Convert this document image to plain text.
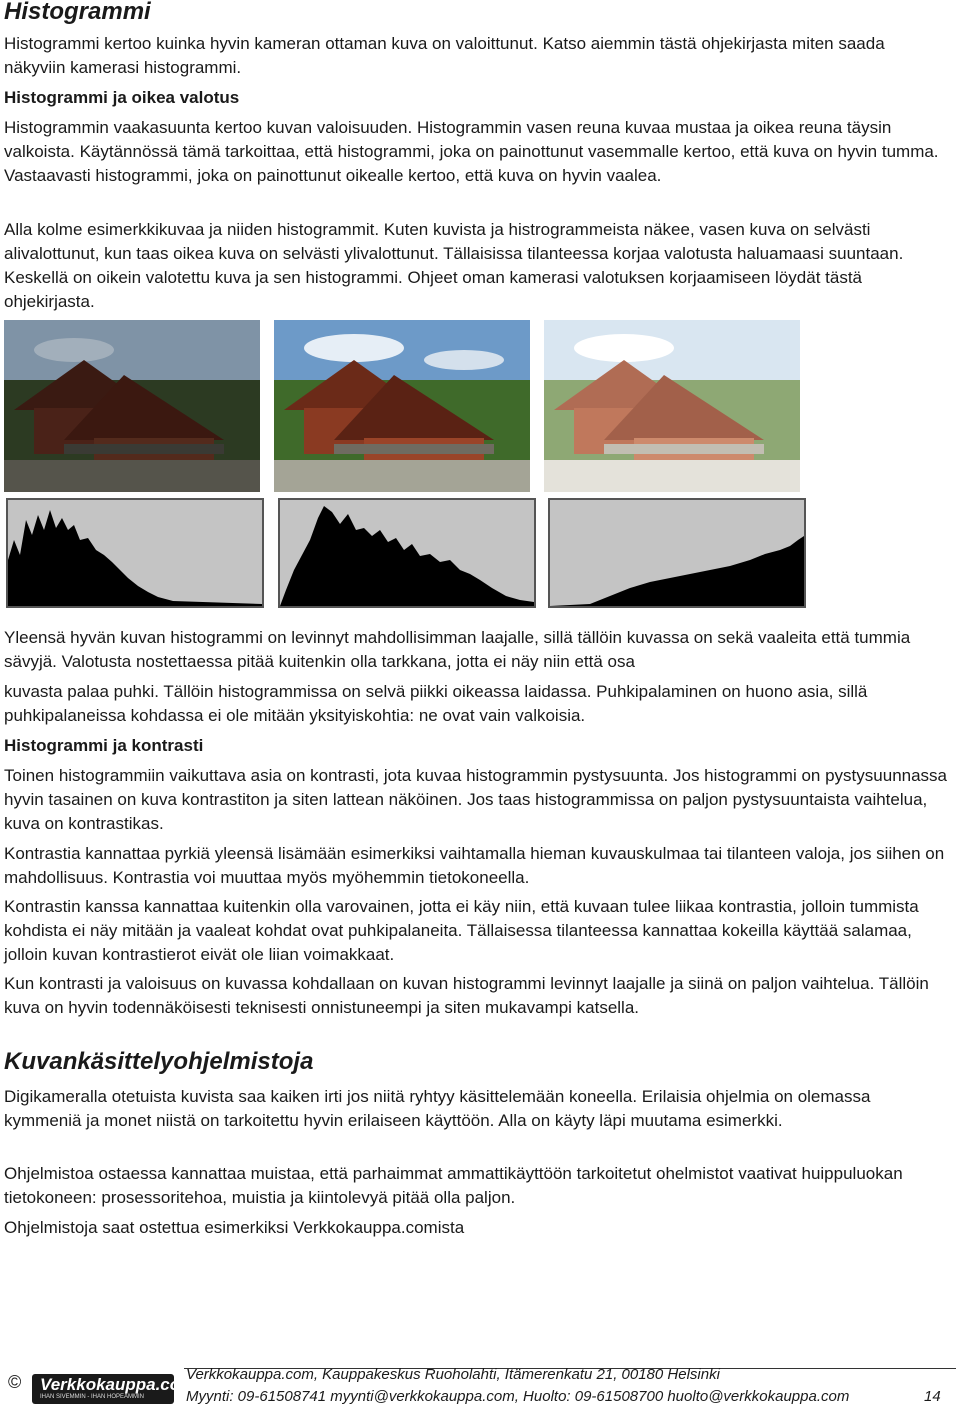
Histogrammi

Histogrammi kertoo kuinka hyvin kameran ottaman kuva on valoittunut. Katso aiemmin tästä ohjekirjasta miten saada näkyviin kamerasi histogrammi.

Histogrammi ja oikea valotus

Histogrammin vaakasuunta kertoo kuvan valoisuuden. Histogrammin vasen reuna kuvaa mustaa ja oikea reuna täysin valkoista. Käytännössä tämä tarkoittaa, että histogrammi, joka on painottunut vasemmalle kertoo, että kuva on hyvin tumma. Vastaavasti histogrammi, joka on painottunut oikealle kertoo, että kuva on hyvin vaalea.

Alla kolme esimerkkikuvaa ja niiden histogrammit. Kuten kuvista ja histrogrammeista näkee, vasen kuva on selvästi alivalottunut, kun taas oikea kuva on selvästi ylivalottunut. Tällaisissa tilanteessa korjaa valotusta haluamaasi suuntaan. Keskellä on oikein valotettu kuva ja sen histogrammi. Ohjeet oman kamerasi valotuksen korjaamiseen löydät tästä ohjekirjasta.

Yleensä hyvän kuvan histogrammi on levinnyt mahdollisimman laajalle, sillä tällöin kuvassa on sekä vaaleita että tummia sävyjä. Valotusta nostettaessa pitää kuitenkin olla tarkkana, jotta ei näy niin että osa

kuvasta palaa puhki. Tällöin histogrammissa on selvä piikki oikeassa laidassa. Puhkipalaminen on huono asia, sillä puhkipalaneissa kohdassa ei ole mitään yksityiskohtia: ne ovat vain valkoisia.

Histogrammi ja kontrasti

Toinen histogrammiin vaikuttava asia on kontrasti, jota kuvaa histogrammin pystysuunta. Jos histogrammi on pystysuunnassa hyvin tasainen on kuva kontrastiton ja siten lattean näköinen. Jos taas histogrammissa on paljon pystysuuntaista vaihtelua, kuva on kontrastikas.

Kontrastia kannattaa pyrkiä yleensä lisämään esimerkiksi vaihtamalla hieman kuvauskulmaa tai tilanteen valoja, jos siihen on mahdollisuus. Kontrastia voi muuttaa myös myöhemmin tietokoneella.

Kontrastin kanssa kannattaa kuitenkin olla varovainen, jotta ei käy niin, että kuvaan tulee liikaa kontrastia, jolloin tummista kohdista ei näy mitään ja vaaleat kohdat ovat puhkipalaneita. Tällaisessa tilanteessa kannattaa kokeilla käyttää salamaa, jolloin kuvan kontrastierot eivät ole liian voimakkaat.

Kun kontrasti ja valoisuus on kuvassa kohdallaan on kuvan histogrammi levinnyt laajalle ja siinä on paljon vaihtelua. Tällöin kuva on hyvin todennäköisesti teknisesti onnistuneempi ja siten mukavampi katsella.

Kuvankäsittelyohjelmistoja

Digikameralla otetuista kuvista saa kaiken irti jos niitä ryhtyy käsittelemään koneella. Erilaisia ohjelmia on olemassa kymmeniä ja monet niistä on tarkoitettu hyvin erilaiseen käyttöön. Alla on käyty läpi muutama esimerkki.

Ohjelmistoa ostaessa kannattaa muistaa, että parhaimmat ammattikäyttöön tarkoitetut ohelmistot vaativat huippuluokan tietokoneen: prosessoritehoa, muistia ja kiintolevyä pitää olla paljon.

Ohjelmistoja saat ostettua esimerkiksi Verkkokauppa.comista

© Verkkokauppa.com
IHAN SIVEMMIN - IHAN HOPEAMMIN
Verkkokauppa.com, Kauppakeskus Ruoholahti, Itämerenkatu 21, 00180 Helsinki
Myynti: 09-61508741 myynti@verkkokauppa.com, Huolto: 09-61508700 huolto@verkkokauppa.com	14
